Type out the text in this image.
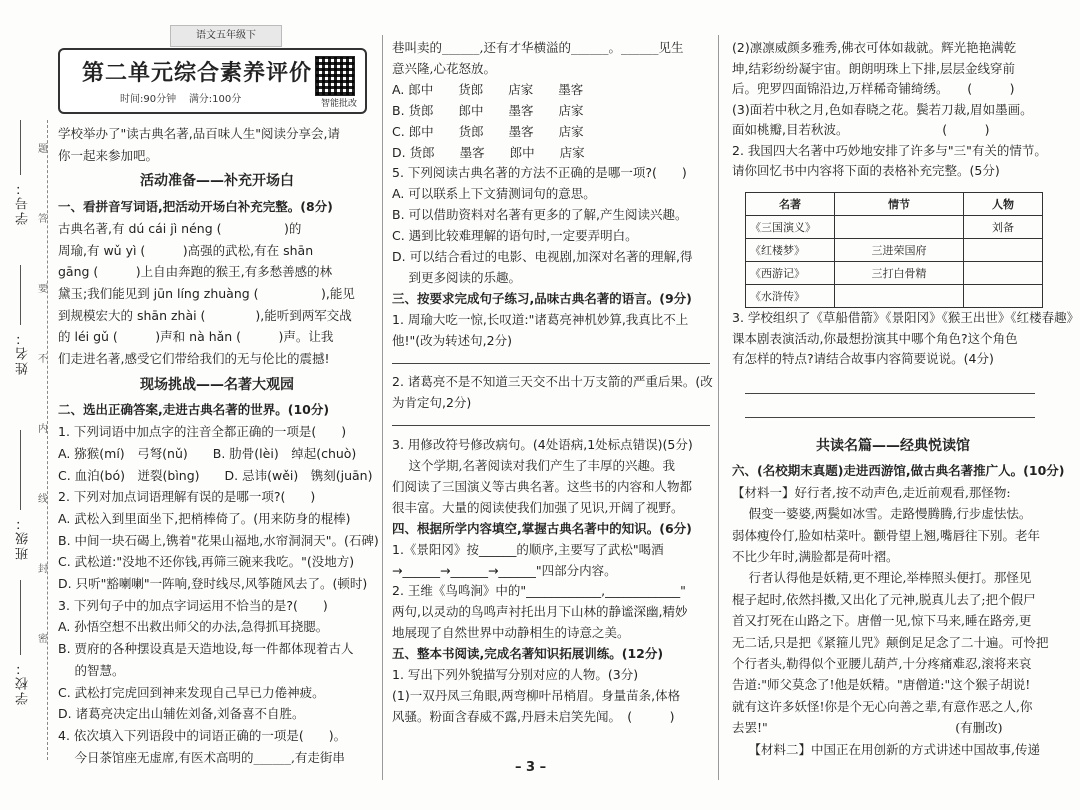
学号：
姓名：
班级：
学校：
题
答
要
不
内
线
封
密
语文五年级下
第二单元综合素养评价
时间:90分钟 满分:100分	智能批改
学校举办了"读古典名著,品百味人生"阅读分享会,请
你一起来参加吧。
活动准备——补充开场白
一、看拼音写词语,把活动开场白补充完整。(8分)
古典名著,有 dú cái jì néng (　　　　　)的
周瑜,有 wǔ yì (　　　)高强的武松,有在 shān
gāng (　　　)上自由奔跑的猴王,有多愁善感的林
黛玉;我们能见到 jūn líng zhuàng (　　　　　),能见
到规模宏大的 shān zhài (　　　　),能听到两军交战
的 léi gǔ (　　　)声和 nà hǎn (　　　)声。让我
们走进名著,感受它们带给我们的无与伦比的震撼!
现场挑战——名著大观园
二、选出正确答案,走进古典名著的世界。(10分)
1. 下列词语中加点字的注音全都正确的一项是(　　)
A. 猕猴(mí)　弓弩(nǔ)　　B. 肋骨(lèi)　绰起(chuò)
C. 血泊(bó)　迸裂(bìng)　　D. 忌讳(wěi)　镌刻(juān)
2. 下列对加点词语理解有误的是哪一项?(　　)
A. 武松入到里面坐下,把梢棒倚了。(用来防身的棍棒)
B. 中间一块石碣上,镌着"花果山福地,水帘洞洞天"。(石碑)
C. 武松道:"没地不还你钱,再筛三碗来我吃。"(没地方)
D. 只听"豁喇喇"一阵响,登时线尽,风筝随风去了。(顿时)
3. 下列句子中的加点字词运用不恰当的是?(　　)
A. 孙悟空想不出救出师父的办法,急得抓耳挠腮。
B. 贾府的各种摆设真是天造地设,每一件都体现着古人
　 的智慧。
C. 武松打完虎回到神来发现自己早已力倦神疲。
D. 诸葛亮决定出山辅佐刘备,刘备喜不自胜。
4. 依次填入下列语段中的词语正确的一项是(　　)。
　 今日茶馆座无虚席,有医术高明的______,有走街串
巷叫卖的______,还有才华横溢的______。______见生
意兴隆,心花怒放。
A. 郎中　　货郎　　店家　　墨客
B. 货郎　　郎中　　墨客　　店家
C. 郎中　　货郎　　墨客　　店家
D. 货郎　　墨客　　郎中　　店家
5. 下列阅读古典名著的方法不正确的是哪一项?(　　)
A. 可以联系上下文猜测词句的意思。
B. 可以借助资料对名著有更多的了解,产生阅读兴趣。
C. 遇到比较难理解的语句时,一定要弄明白。
D. 可以结合看过的电影、电视剧,加深对名著的理解,得
　 到更多阅读的乐趣。
三、按要求完成句子练习,品味古典名著的语言。(9分)
1. 周瑜大吃一惊,长叹道:"诸葛亮神机妙算,我真比不上
他!"(改为转述句,2分)
2. 诸葛亮不是不知道三天交不出十万支箭的严重后果。(改
为肯定句,2分)
3. 用修改符号修改病句。(4处语病,1处标点错误)(5分)
　 这个学期,名著阅读对我们产生了丰厚的兴趣。我
们阅读了三国演义等古典名著。这些书的内容和人物都
很丰富。大量的阅读使我们加强了见识,开阔了视野。
四、根据所学内容填空,掌握古典名著中的知识。(6分)
1.《景阳冈》按______的顺序,主要写了武松"喝酒
→______→______→______"四部分内容。
2. 王维《鸟鸣涧》中的"____________,____________"
两句,以灵动的鸟鸣声衬托出月下山林的静谧深幽,精妙
地展现了自然世界中动静相生的诗意之美。
五、整本书阅读,完成名著知识拓展训练。(12分)
1. 写出下列外貌描写分别对应的人物。(3分)
(1)一双丹凤三角眼,两弯柳叶吊梢眉。身量苗条,体格
风骚。粉面含春威不露,丹唇未启笑先闻。　(　　　)
(2)凛凛威颜多雅秀,佛衣可体如裁就。辉光艳艳满乾
坤,结彩纷纷凝宇宙。朗朗明珠上下排,层层金线穿前
后。兜罗四面锦沿边,万样稀奇铺绮绣。　　(　　　)
(3)面若中秋之月,色如春晓之花。鬓若刀裁,眉如墨画。
面如桃瓣,目若秋波。　　　　　　　　(　　　)
2. 我国四大名著中巧妙地安排了许多与"三"有关的情节。
请你回忆书中内容将下面的表格补充完整。(5分)
3. 学校组织了《草船借箭》《景阳冈》《猴王出世》《红楼春趣》
课本剧表演活动,你最想扮演其中哪个角色?这个角色
有怎样的特点?请结合故事内容简要说说。(4分)
共读名篇——经典悦读馆
六、(名校期末真题)走进西游馆,做古典名著推广人。(10分)
【材料一】好行者,按不动声色,走近前观看,那怪物:
　 假变一婆婆,两鬓如冰雪。走路慢腾腾,行步虚怯怯。
弱体瘦伶仃,脸如枯菜叶。颧骨望上翘,嘴唇往下别。老年
不比少年时,满脸都是荷叶褶。
　 行者认得他是妖精,更不理论,举棒照头便打。那怪见
棍子起时,依然抖擞,又出化了元神,脱真儿去了;把个假尸
首又打死在山路之下。唐僧一见,惊下马来,睡在路旁,更
无二话,只是把《紧箍儿咒》颠倒足足念了二十遍。可怜把
个行者头,勒得似个亚腰儿葫芦,十分疼痛难忍,滚将来哀
告道:"师父莫念了!他是妖精。"唐僧道:"这个猴子胡说!
就有这许多妖怪!你是个无心向善之辈,有意作恶之人,你
去罢!"　　　　　　　　　　　　　　　(有删改)
　 【材料二】中国正在用创新的方式讲述中国故事,传递
名著	情节	人物
《三国演义》		刘备
《红楼梦》	三进荣国府	
《西游记》	三打白骨精	
《水浒传》		
– 3 –
